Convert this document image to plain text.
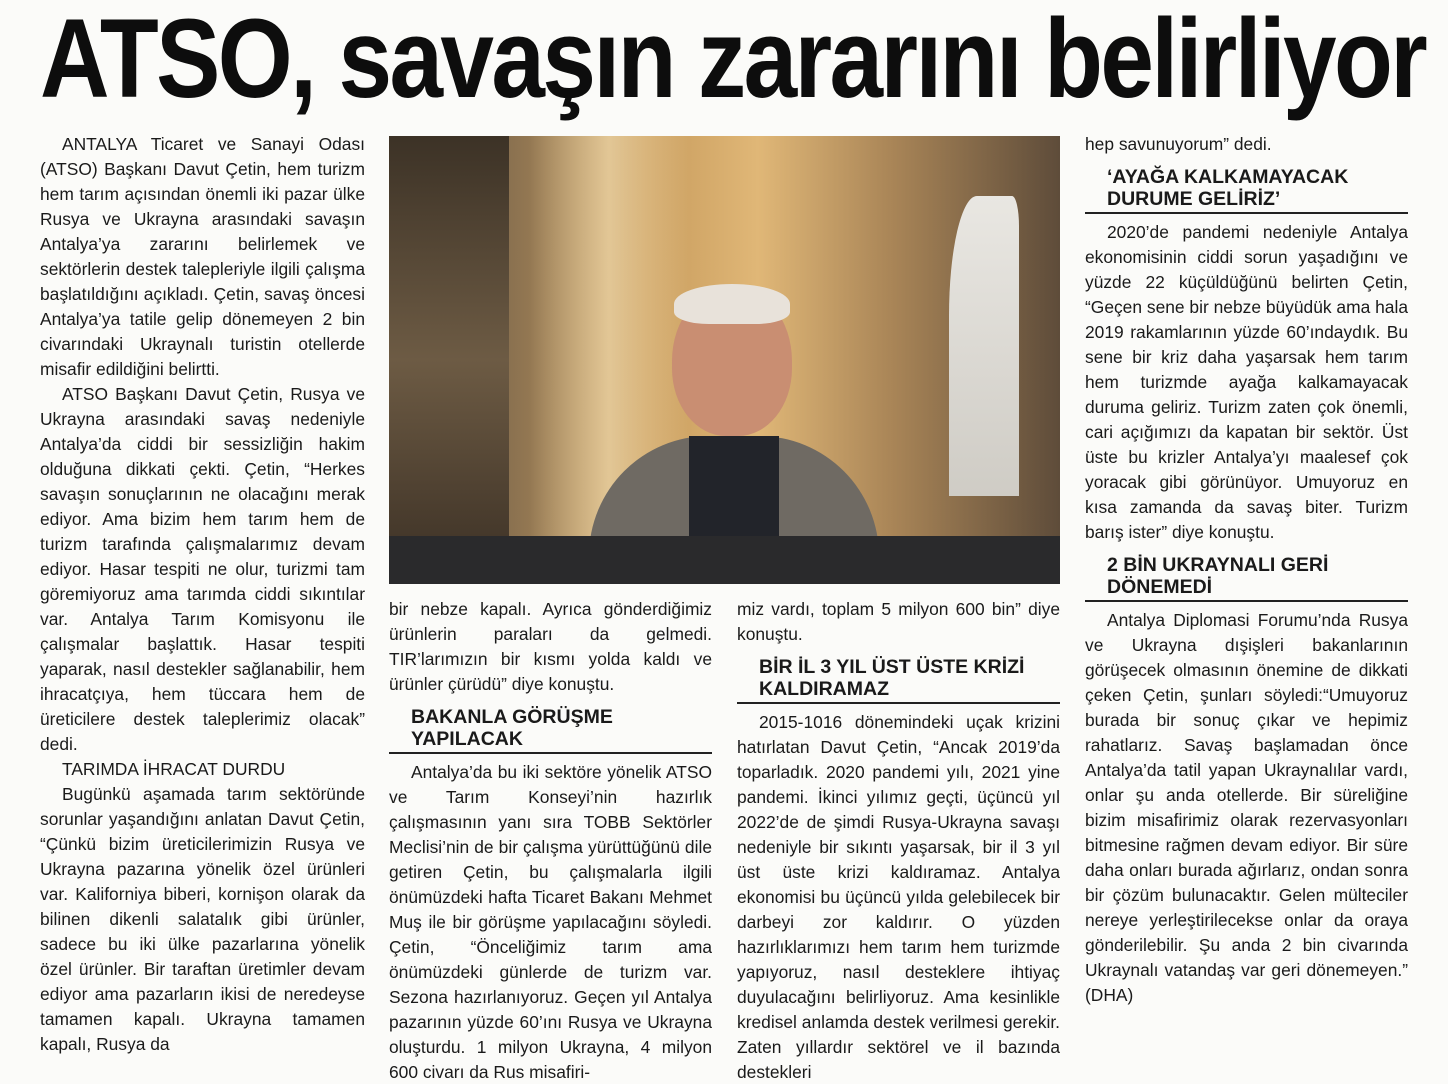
ATSO, savaşın zararını belirliyor

ANTALYA Ticaret ve Sanayi Odası (ATSO) Başkanı Davut Çetin, hem turizm hem tarım açısından önemli iki pazar ülke Rusya ve Ukrayna arasındaki savaşın Antalya’ya zararını belirlemek ve sektörlerin destek talepleriyle ilgili çalışma başlatıldığını açıkladı. Çetin, savaş öncesi Antalya’ya tatile gelip dönemeyen 2 bin civarındaki Ukraynalı turistin otellerde misafir edildiğini belirtti.

ATSO Başkanı Davut Çetin, Rusya ve Ukrayna arasındaki savaş nedeniyle Antalya’da ciddi bir sessizliğin hakim olduğuna dikkati çekti. Çetin, “Herkes savaşın sonuçlarının ne olacağını merak ediyor. Ama bizim hem tarım hem de turizm tarafında çalışmalarımız devam ediyor. Hasar tespiti ne olur, turizmi tam göremiyoruz ama tarımda ciddi sıkıntılar var. Antalya Tarım Komisyonu ile çalışmalar başlattık. Hasar tespiti yaparak, nasıl destekler sağlanabilir, hem ihracatçıya, hem tüccara hem de üreticilere destek taleplerimiz olacak” dedi.

TARIMDA İHRACAT DURDU

Bugünkü aşamada tarım sektöründe sorunlar yaşandığını anlatan Davut Çetin, “Çünkü bizim üreticilerimizin Rusya ve Ukrayna pazarına yönelik özel ürünleri var. Kaliforniya biberi, kornişon olarak da bilinen dikenli salatalık gibi ürünler, sadece bu iki ülke pazarlarına yönelik özel ürünler. Bir taraftan üretimler devam ediyor ama pazarların ikisi de neredeyse tamamen kapalı. Ukrayna tamamen kapalı, Rusya da

bir nebze kapalı. Ayrıca gönderdiğimiz ürünlerin paraları da gelmedi. TIR’larımızın bir kısmı yolda kaldı ve ürünler çürüdü” diye konuştu.

BAKANLA GÖRÜŞME YAPILACAK

Antalya’da bu iki sektöre yönelik ATSO ve Tarım Konseyi’nin hazırlık çalışmasının yanı sıra TOBB Sektörler Meclisi’nin de bir çalışma yürüttüğünü dile getiren Çetin, bu çalışmalarla ilgili önümüzdeki hafta Ticaret Bakanı Mehmet Muş ile bir görüşme yapılacağını söyledi. Çetin, “Önceliğimiz tarım ama önümüzdeki günlerde de turizm var. Sezona hazırlanıyoruz. Geçen yıl Antalya pazarının yüzde 60’ını Rusya ve Ukrayna oluşturdu. 1 milyon Ukrayna, 4 milyon 600 civarı da Rus misafiri-

miz vardı, toplam 5 milyon 600 bin” diye konuştu.

BİR İL 3 YIL ÜST ÜSTE KRİZİ KALDIRAMAZ

2015-1016 dönemindeki uçak krizini hatırlatan Davut Çetin, “Ancak 2019’da toparladık. 2020 pandemi yılı, 2021 yine pandemi. İkinci yılımız geçti, üçüncü yıl 2022’de de şimdi Rusya-Ukrayna savaşı nedeniyle bir sıkıntı yaşarsak, bir il 3 yıl üst üste krizi kaldıramaz. Antalya ekonomisi bu üçüncü yılda gelebilecek bir darbeyi zor kaldırır. O yüzden hazırlıklarımızı hem tarım hem turizmde yapıyoruz, nasıl desteklere ihtiyaç duyulacağını belirliyoruz. Ama kesinlikle kredisel anlamda destek verilmesi gerekir. Zaten yıllardır sektörel ve il bazında destekleri

hep savunuyorum” dedi.

‘AYAĞA KALKAMAYACAK DURUME GELİRİZ’

2020’de pandemi nedeniyle Antalya ekonomisinin ciddi sorun yaşadığını ve yüzde 22 küçüldüğünü belirten Çetin, “Geçen sene bir nebze büyüdük ama hala 2019 rakamlarının yüzde 60’ındaydık. Bu sene bir kriz daha yaşarsak hem tarım hem turizmde ayağa kalkamayacak duruma geliriz. Turizm zaten çok önemli, cari açığımızı da kapatan bir sektör. Üst üste bu krizler Antalya’yı maalesef çok yoracak gibi görünüyor. Umuyoruz en kısa zamanda da savaş biter. Turizm barış ister” diye konuştu.

2 BİN UKRAYNALI GERİ DÖNEMEDİ

Antalya Diplomasi Forumu’nda Rusya ve Ukrayna dışişleri bakanlarının görüşecek olmasının önemine de dikkati çeken Çetin, şunları söyledi:“Umuyoruz burada bir sonuç çıkar ve hepimiz rahatlarız. Savaş başlamadan önce Antalya’da tatil yapan Ukraynalılar vardı, onlar şu anda otellerde. Bir süreliğine bizim misafirimiz olarak rezervasyonları bitmesine rağmen devam ediyor. Bir süre daha onları burada ağırlarız, ondan sonra bir çözüm bulunacaktır. Gelen mülteciler nereye yerleştirilecekse onlar da oraya gönderilebilir. Şu anda 2 bin civarında Ukraynalı vatandaş var geri dönemeyen.” (DHA)
